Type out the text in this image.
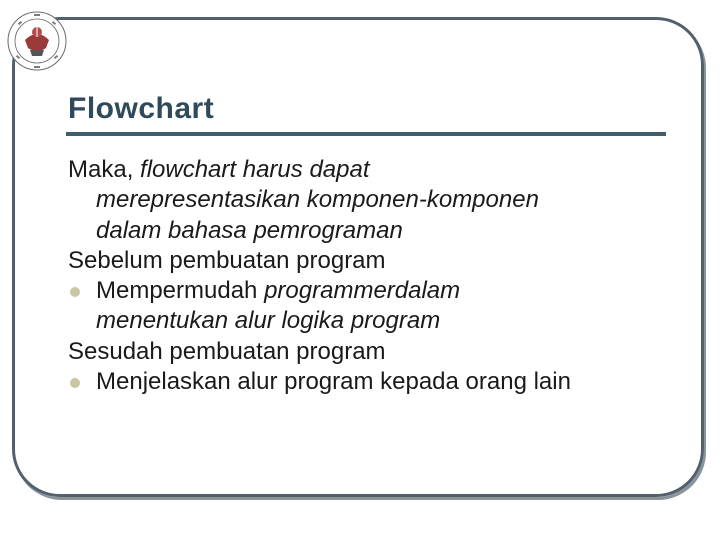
Flowchart

Maka, flowchart harus dapat
merepresentasikan komponen-komponen
dalam bahasa pemrograman

Sebelum pembuatan program

Mempermudah programmerdalam
menentukan alur logika program

Sesudah pembuatan program

Menjelaskan alur program kepada orang lain
